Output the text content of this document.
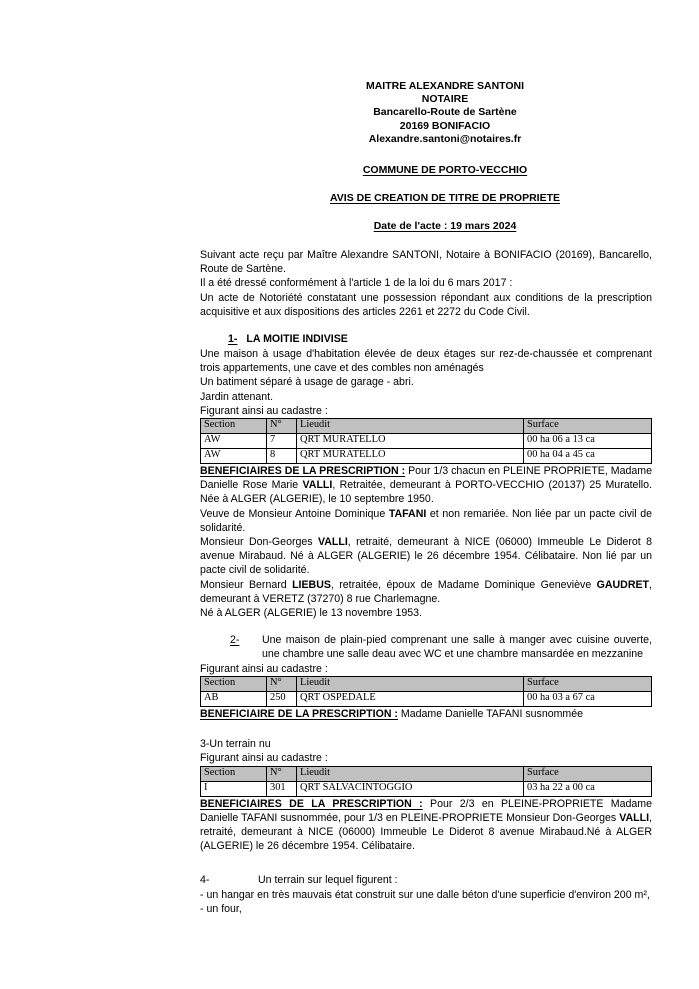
MAITRE ALEXANDRE SANTONI
NOTAIRE
Bancarello-Route de Sartène
20169 BONIFACIO
Alexandre.santoni@notaires.fr
COMMUNE DE PORTO-VECCHIO
AVIS DE CREATION DE TITRE DE PROPRIETE
Date de l'acte : 19 mars 2024

Suivant acte reçu par Maître Alexandre SANTONI, Notaire à BONIFACIO (20169), Bancarello, Route de Sartène.

Il a été dressé conformément à l'article 1 de la loi du 6 mars 2017 :

Un acte de Notoriété constatant une possession répondant aux conditions de la prescription acquisitive et aux dispositions des articles 2261 et 2272 du Code Civil.

1- LA MOITIE INDIVISE

Une maison à usage d'habitation élevée de deux étages sur rez-de-chaussée et comprenant trois appartements, une cave et des combles non aménagés

Un batiment séparé à usage de garage - abri.

Jardin attenant.

Figurant ainsi au cadastre :

Section	N°	Lieudit	Surface
AW	7	QRT MURATELLO	00 ha 06 a 13 ca
AW	8	QRT MURATELLO	00 ha 04 a 45 ca

BENEFICIAIRES DE LA PRESCRIPTION : Pour 1/3 chacun en PLEINE PROPRIETE, Madame Danielle Rose Marie VALLI, Retraitée, demeurant à PORTO-VECCHIO (20137) 25 Muratello. Née à ALGER (ALGERIE), le 10 septembre 1950.

Veuve de Monsieur Antoine Dominique TAFANI et non remariée. Non liée par un pacte civil de solidarité.

Monsieur Don-Georges VALLI, retraité, demeurant à NICE (06000) Immeuble Le Diderot 8 avenue Mirabaud. Né à ALGER (ALGERIE) le 26 décembre 1954. Célibataire. Non lié par un pacte civil de solidarité.

Monsieur Bernard LIEBUS, retraitée, époux de Madame Dominique Geneviève GAUDRET, demeurant à VERETZ (37270) 8 rue Charlemagne.

Né à ALGER (ALGERIE) le 13 novembre 1953.

2- Une maison de plain-pied comprenant une salle à manger avec cuisine ouverte, une chambre une salle deau avec WC et une chambre mansardée en mezzanine

Figurant ainsi au cadastre :

Section	N°	Lieudit	Surface
AB	250	QRT OSPEDALE	00 ha 03 a 67 ca

BENEFICIAIRE DE LA PRESCRIPTION : Madame Danielle TAFANI susnommée

3-Un terrain nu

Figurant ainsi au cadastre :

Section	N°	Lieudit	Surface
I	301	QRT SALVACINTOGGIO	03 ha 22 a 00 ca

BENEFICIAIRES DE LA PRESCRIPTION : Pour 2/3 en PLEINE-PROPRIETE Madame Danielle TAFANI susnommée, pour 1/3 en PLEINE-PROPRIETE Monsieur Don-Georges VALLI, retraité, demeurant à NICE (06000) Immeuble Le Diderot 8 avenue Mirabaud.Né à ALGER (ALGERIE) le 26 décembre 1954. Célibataire.

4-	Un terrain sur lequel figurent :

- un hangar en très mauvais état construit sur une dalle béton d'une superficie d'environ 200 m²,

- un four,
